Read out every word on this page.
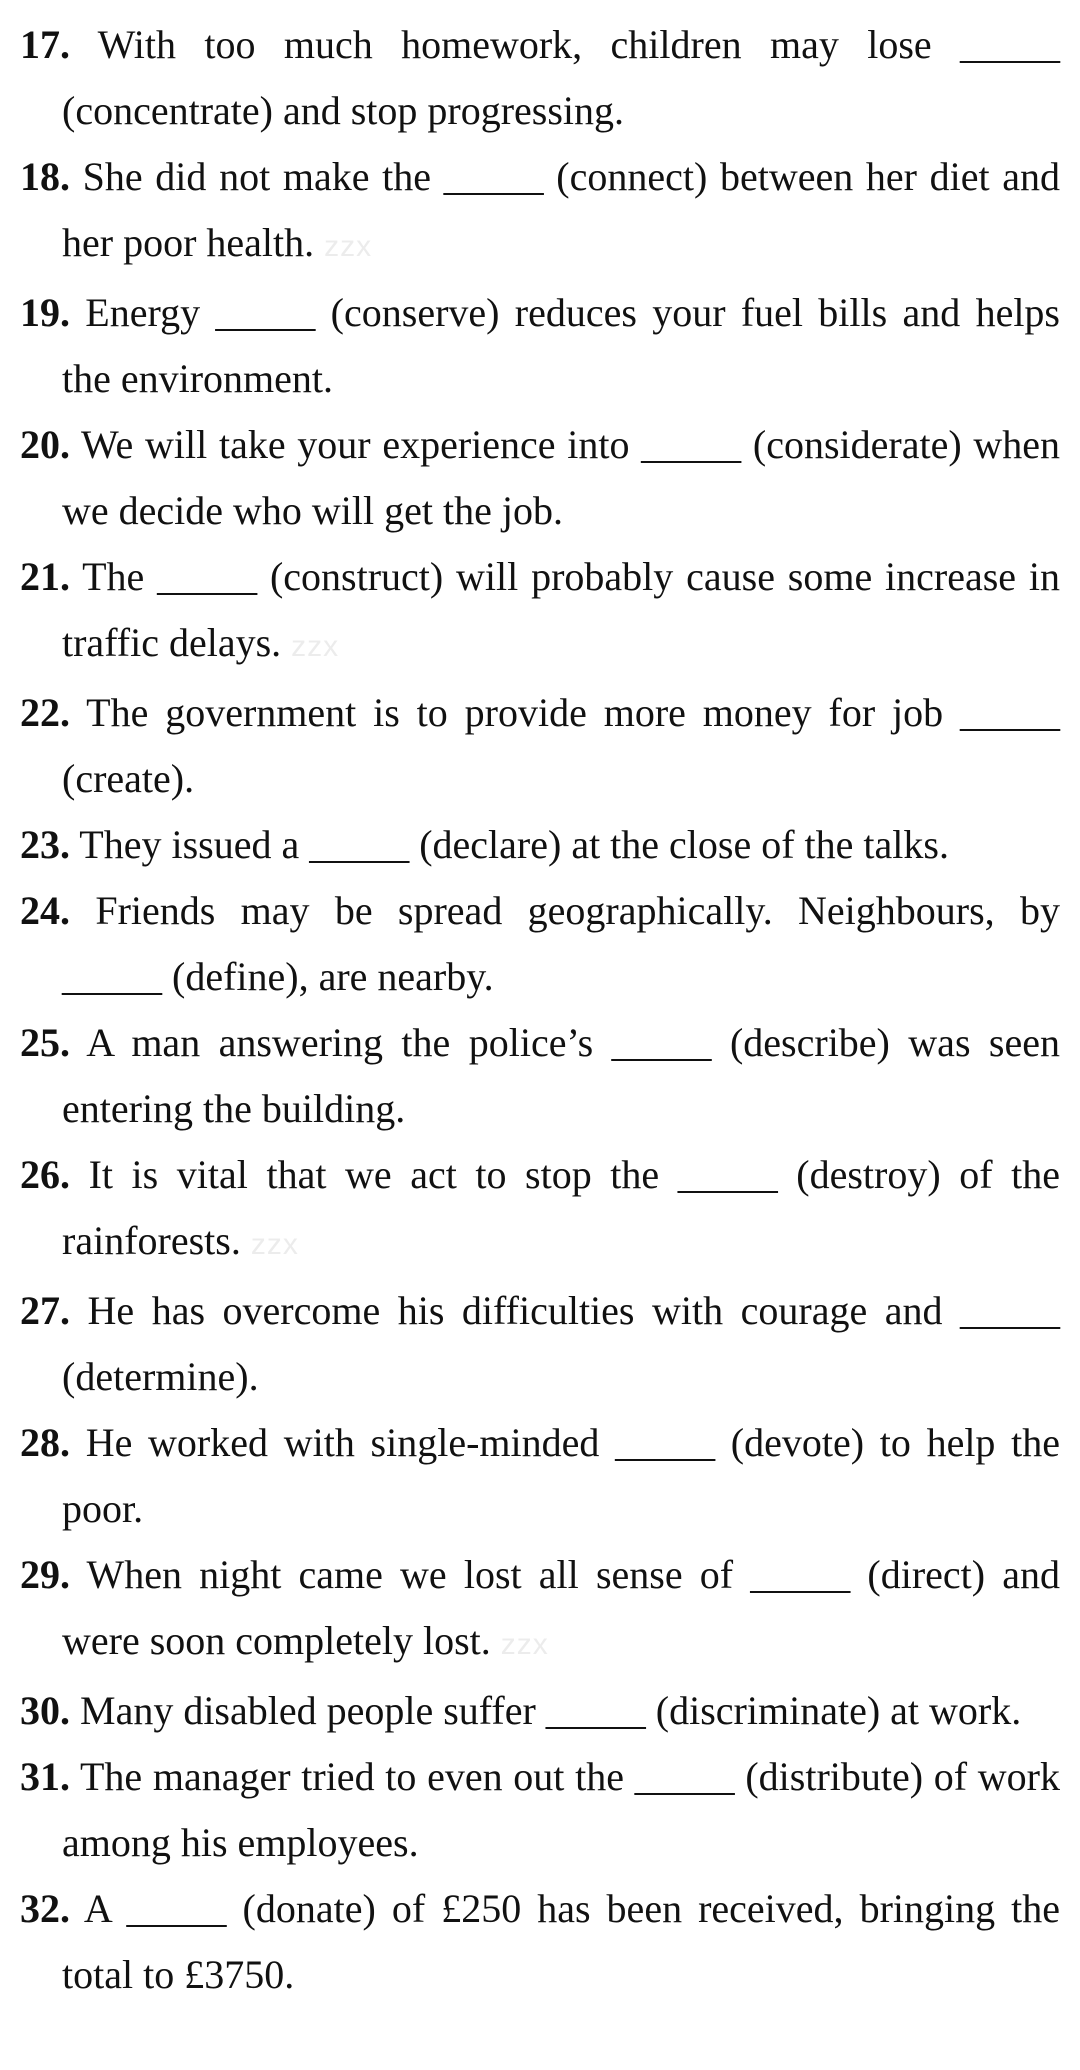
17. With too much homework, children may lose _____ (concentrate) and stop progressing.

18. She did not make the _____ (connect) between her diet and her poor health. zzx

19. Energy _____ (conserve) reduces your fuel bills and helps the environment.

20. We will take your experience into _____ (considerate) when we decide who will get the job.

21. The _____ (construct) will probably cause some increase in traffic delays. zzx

22. The government is to provide more money for job _____ (create).

23. They issued a _____ (declare) at the close of the talks.

24. Friends may be spread geographically. Neighbours, by _____ (define), are nearby.

25. A man answering the police’s _____ (describe) was seen entering the building.

26. It is vital that we act to stop the _____ (destroy) of the rainforests. zzx

27. He has overcome his difficulties with courage and _____ (determine).

28. He worked with single-minded _____ (devote) to help the poor.

29. When night came we lost all sense of _____ (direct) and were soon completely lost. zzx

30. Many disabled people suffer _____ (discriminate) at work.

31. The manager tried to even out the _____ (distribute) of work among his employees.

32. A _____ (donate) of £250 has been received, bringing the total to £3750.
